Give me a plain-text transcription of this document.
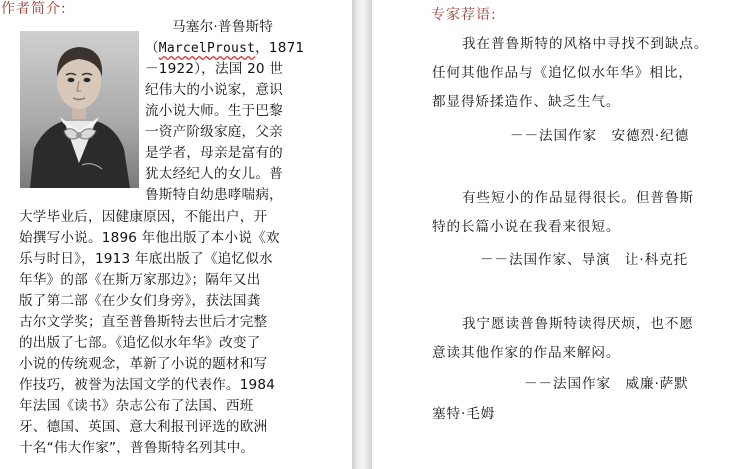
作者简介:
马塞尔·普鲁斯特
（MarcelProust，1871
－1922），法国 20 世
纪伟大的小说家，意识
流小说大师。生于巴黎
一资产阶级家庭，父亲
是学者，母亲是富有的
犹太经纪人的女儿。普
鲁斯特自幼患哮喘病，
大学毕业后，因健康原因，不能出户，开
始撰写小说。1896 年他出版了本小说《欢
乐与时日》，1913 年底出版了《追忆似水
年华》的部《在斯万家那边》；隔年又出
版了第二部《在少女们身旁》，获法国龚
古尔文学奖；直至普鲁斯特去世后才完整
的出版了七部。《追忆似水年华》改变了
小说的传统观念，革新了小说的题材和写
作技巧，被誉为法国文学的代表作。1984
年法国《读书》杂志公布了法国、西班
牙、德国、英国、意大利报刊评选的欧洲
十名“伟大作家”，普鲁斯特名列其中。
专家荐语:
我在普鲁斯特的风格中寻找不到缺点。
任何其他作品与《追忆似水年华》相比，
都显得矫揉造作、缺乏生气。
－－法国作家　安德烈·纪德
有些短小的作品显得很长。但普鲁斯
特的长篇小说在我看来很短。
－－法国作家、导演　让·科克托
我宁愿读普鲁斯特读得厌烦，也不愿
意读其他作家的作品来解闷。
－－法国作家　威廉·萨默
塞特·毛姆
